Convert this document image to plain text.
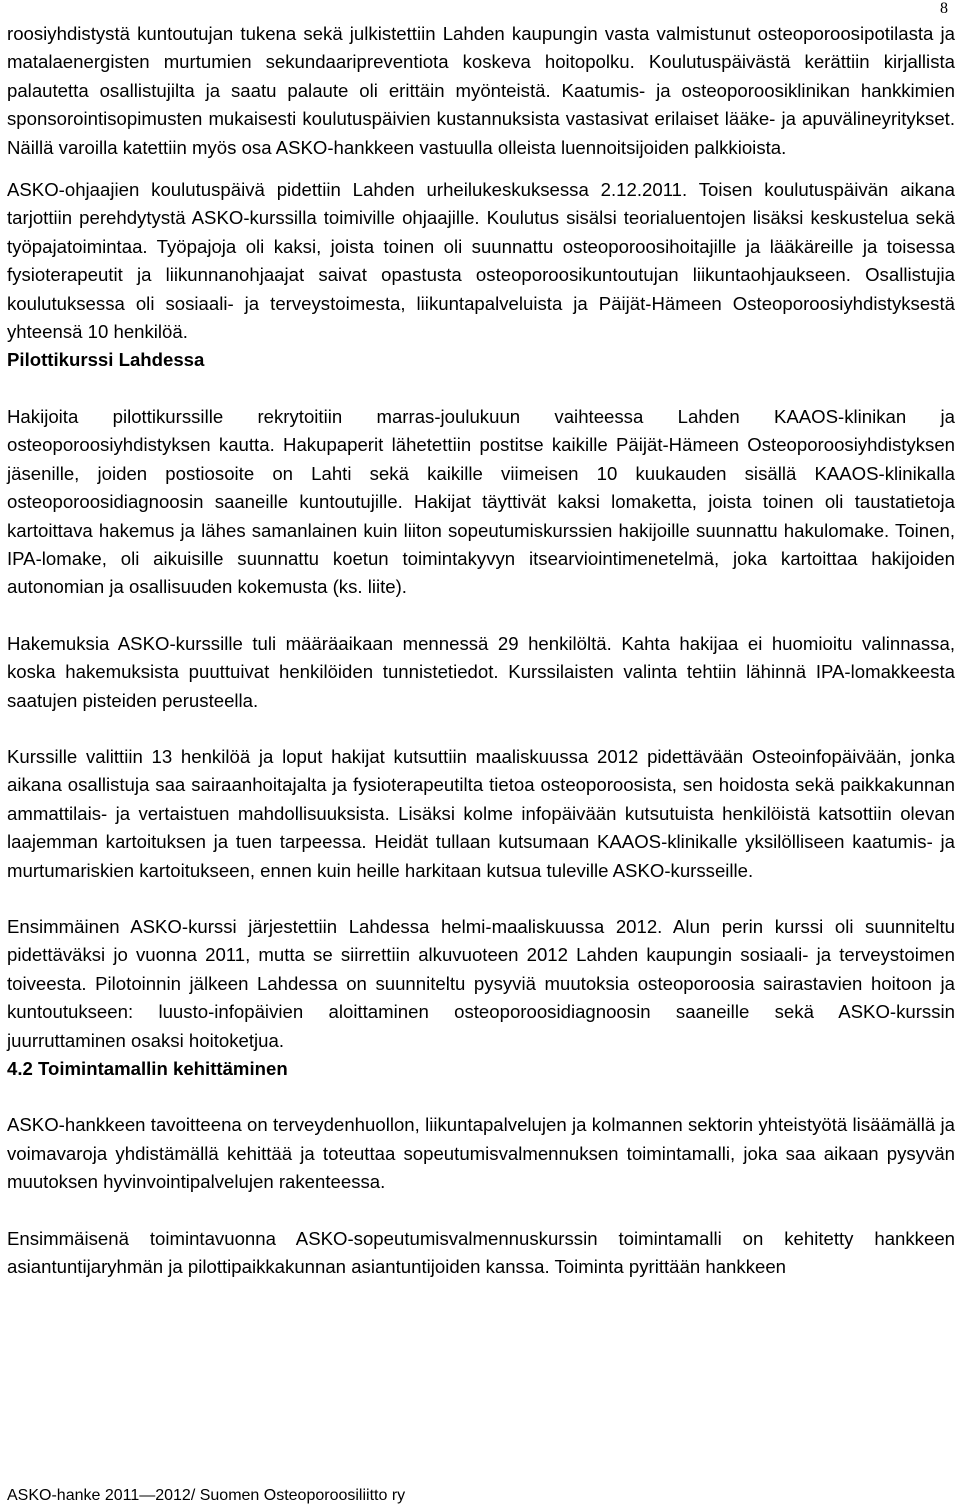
8

roosiyhdistystä kuntoutujan tukena sekä julkistettiin Lahden kaupungin vasta valmistunut osteoporoosipotilasta ja matalaenergisten murtumien sekundaaripreventiota koskeva hoitopolku. Koulutuspäivästä kerättiin kirjallista palautetta osallistujilta ja saatu palaute oli erittäin myönteistä. Kaatumis- ja osteoporoosiklinikan hankkimien sponsorointisopimusten mukaisesti koulutuspäivien kustannuksista vastasivat erilaiset lääke- ja apuvälineyritykset. Näillä varoilla katettiin myös osa ASKO-hankkeen vastuulla olleista luennoitsijoiden palkkioista.

ASKO-ohjaajien koulutuspäivä pidettiin Lahden urheilukeskuksessa 2.12.2011. Toisen koulutuspäivän aikana tarjottiin perehdytystä ASKO-kurssilla toimiville ohjaajille. Koulutus sisälsi teorialuentojen lisäksi keskustelua sekä työpajatoimintaa. Työpajoja oli kaksi, joista toinen oli suunnattu osteoporoosihoitajille ja lääkäreille ja toisessa fysioterapeutit ja liikunnanohjaajat saivat opastusta osteoporoosikuntoutujan liikuntaohjaukseen. Osallistujia koulutuksessa oli sosiaali- ja terveystoimesta, liikuntapalveluista ja Päijät-Hämeen Osteoporoosiyhdistyksestä yhteensä 10 henkilöä.

Pilottikurssi Lahdessa

Hakijoita pilottikurssille rekrytoitiin marras-joulukuun vaihteessa Lahden KAAOS-klinikan ja osteoporoosiyhdistyksen kautta. Hakupaperit lähetettiin postitse kaikille Päijät-Hämeen Osteoporoosiyhdistyksen jäsenille, joiden postiosoite on Lahti sekä kaikille viimeisen 10 kuukauden sisällä KAAOS-klinikalla osteoporoosidiagnoosin saaneille kuntoutujille. Hakijat täyttivät kaksi lomaketta, joista toinen oli taustatietoja kartoittava hakemus ja lähes samanlainen kuin liiton sopeutumiskurssien hakijoille suunnattu hakulomake. Toinen, IPA-lomake, oli aikuisille suunnattu koetun toimintakyvyn itsearviointimenetelmä, joka kartoittaa hakijoiden autonomian ja osallisuuden kokemusta (ks. liite).

Hakemuksia ASKO-kurssille tuli määräaikaan mennessä 29 henkilöltä. Kahta hakijaa ei huomioitu valinnassa, koska hakemuksista puuttuivat henkilöiden tunnistetiedot. Kurssilaisten valinta tehtiin lähinnä IPA-lomakkeesta saatujen pisteiden perusteella.

Kurssille valittiin 13 henkilöä ja loput hakijat kutsuttiin maaliskuussa 2012 pidettävään Osteoinfopäivään, jonka aikana osallistuja saa sairaanhoitajalta ja fysioterapeutilta tietoa osteoporoosista, sen hoidosta sekä paikkakunnan ammattilais- ja vertaistuen mahdollisuuksista. Lisäksi kolme infopäivään kutsutuista henkilöistä katsottiin olevan laajemman kartoituksen ja tuen tarpeessa. Heidät tullaan kutsumaan KAAOS-klinikalle yksilölliseen kaatumis- ja murtumariskien kartoitukseen, ennen kuin heille harkitaan kutsua tuleville ASKO-kursseille.

Ensimmäinen ASKO-kurssi järjestettiin Lahdessa helmi-maaliskuussa 2012. Alun perin kurssi oli suunniteltu pidettäväksi jo vuonna 2011, mutta se siirrettiin alkuvuoteen 2012 Lahden kaupungin sosiaali- ja terveystoimen toiveesta. Pilotoinnin jälkeen Lahdessa on suunniteltu pysyviä muutoksia osteoporoosia sairastavien hoitoon ja kuntoutukseen: luusto-infopäivien aloittaminen osteoporoosidiagnoosin saaneille sekä ASKO-kurssin juurruttaminen osaksi hoitoketjua.

4.2 Toimintamallin kehittäminen

ASKO-hankkeen tavoitteena on terveydenhuollon, liikuntapalvelujen ja kolmannen sektorin yhteistyötä lisäämällä ja voimavaroja yhdistämällä kehittää ja toteuttaa sopeutumisvalmennuksen toimintamalli, joka saa aikaan pysyvän muutoksen hyvinvointipalvelujen rakenteessa.

Ensimmäisenä toimintavuonna ASKO-sopeutumisvalmennuskurssin toimintamalli on kehitetty hankkeen asiantuntijaryhmän ja pilottipaikkakunnan asiantuntijoiden kanssa. Toiminta pyrittään hankkeen

ASKO-hanke 2011—2012/ Suomen Osteoporoosiliitto ry
